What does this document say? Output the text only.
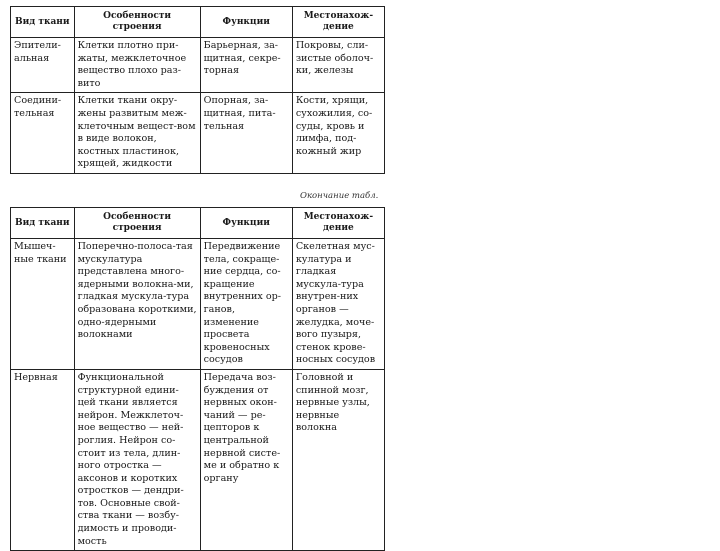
Вид ткани	Особенности строения	Функции	Местонахож-дение
Эпители-альная	Клетки плотно при-жаты, межклеточное вещество плохо раз-вито	Барьерная, за-щитная, секре-торная	Покровы, сли-зистые оболоч-ки, железы
Соедини-тельная	Клетки ткани окру-жены развитым меж-клеточным вещест-вом в виде волокон, костных пластинок, хрящей, жидкости	Опорная, за-щитная, пита-тельная	Кости, хрящи, сухожилия, со-суды, кровь и лимфа, под-кожный жир
Окончание табл.
Вид ткани	Особенности строения	Функции	Местонахож-дение
Мышеч-ные ткани	Поперечно-полоса-тая мускулатура представлена много-ядерными волокна-ми, гладкая мускула-тура образована короткими, одно-ядерными волокнами	Передвижение тела, сокраще-ние сердца, со-кращение внутренних ор-ганов, изменение просвета кровеносных сосудов	Скелетная мус-кулатура и гладкая мускула-тура внутрен-них органов — желудка, моче-вого пузыря, стенок крове-носных сосудов
Нервная	Функциональной структурной едини-цей ткани является нейрон. Межклеточ-ное вещество — ней-роглия. Нейрон со-стоит из тела, длин-ного отростка — аксонов и коротких отростков — дендри-тов. Основные свой-ства ткани — возбу-димость и проводи-мость	Передача воз-буждения от нервных окон-чаний — ре-цепторов к центральной нервной систе-ме и обратно к органу	Головной и спинной мозг, нервные узлы, нервные волокна
